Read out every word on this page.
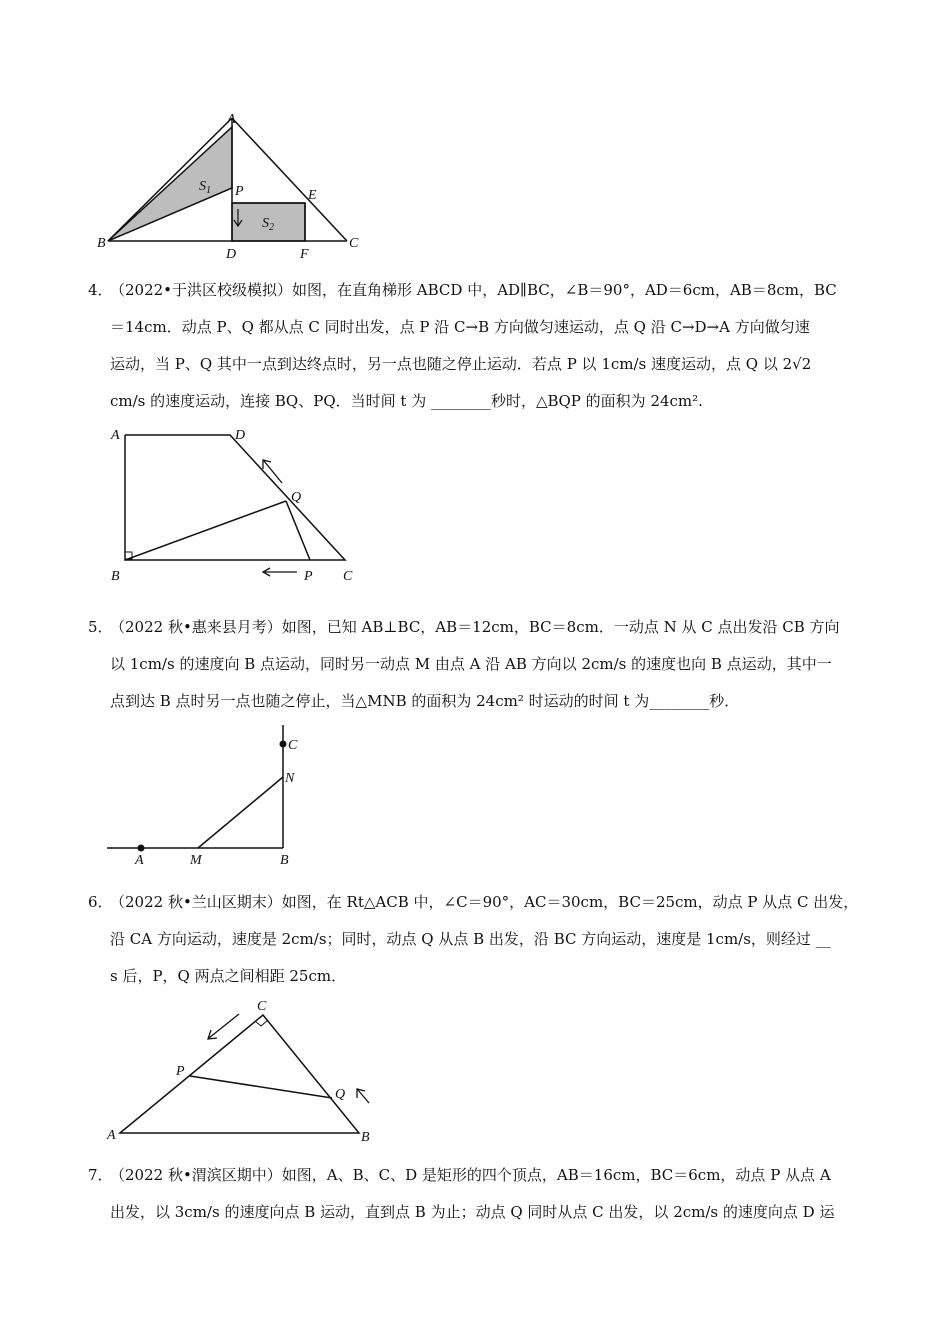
A
B	C
D
E
F
P
$S_1$
$S_2$
4．
（2022•于洪区校级模拟）如图，在直角梯形 ABCD 中，AD∥BC，∠B＝90°，AD＝6cm，AB＝8cm，BC
＝14cm．动点 P、Q 都从点 C 同时出发，点 P 沿 C→B 方向做匀速运动，点 Q 沿 C→D→A 方向做匀速
运动，当 P、Q 其中一点到达终点时，另一点也随之停止运动．若点 P 以 1cm/s 速度运动，点 Q 以 2√2
cm/s 的速度运动，连接 BQ、PQ．当时间 t 为 ________秒时，△BQP 的面积为 24cm².
A	D
Q
B	P C
5．
（2022 秋•惠来县月考）如图，已知 AB⊥BC，AB＝12cm，BC＝8cm．一动点 N 从 C 点出发沿 CB 方向
以 1cm/s 的速度向 B 点运动，同时另一动点 M 由点 A 沿 AB 方向以 2cm/s 的速度也向 B 点运动，其中一
点到达 B 点时另一点也随之停止，当△MNB 的面积为 24cm² 时运动的时间 t 为________秒．
A	M	B
C
N
6．
（2022 秋•兰山区期末）如图，在 Rt△ACB 中，∠C＝90°，AC＝30cm，BC＝25cm，动点 P 从点 C 出发，
沿 CA 方向运动，速度是 2cm/s；同时，动点 Q 从点 B 出发，沿 BC 方向运动，速度是 1cm/s，则经过 __
s 后，P，Q 两点之间相距 25cm．
C
P
Q
A	B
7．
（2022 秋•渭滨区期中）如图，A、B、C、D 是矩形的四个顶点，AB＝16cm，BC＝6cm，动点 P 从点 A
出发，以 3cm/s 的速度向点 B 运动，直到点 B 为止；动点 Q 同时从点 C 出发，以 2cm/s 的速度向点 D 运
